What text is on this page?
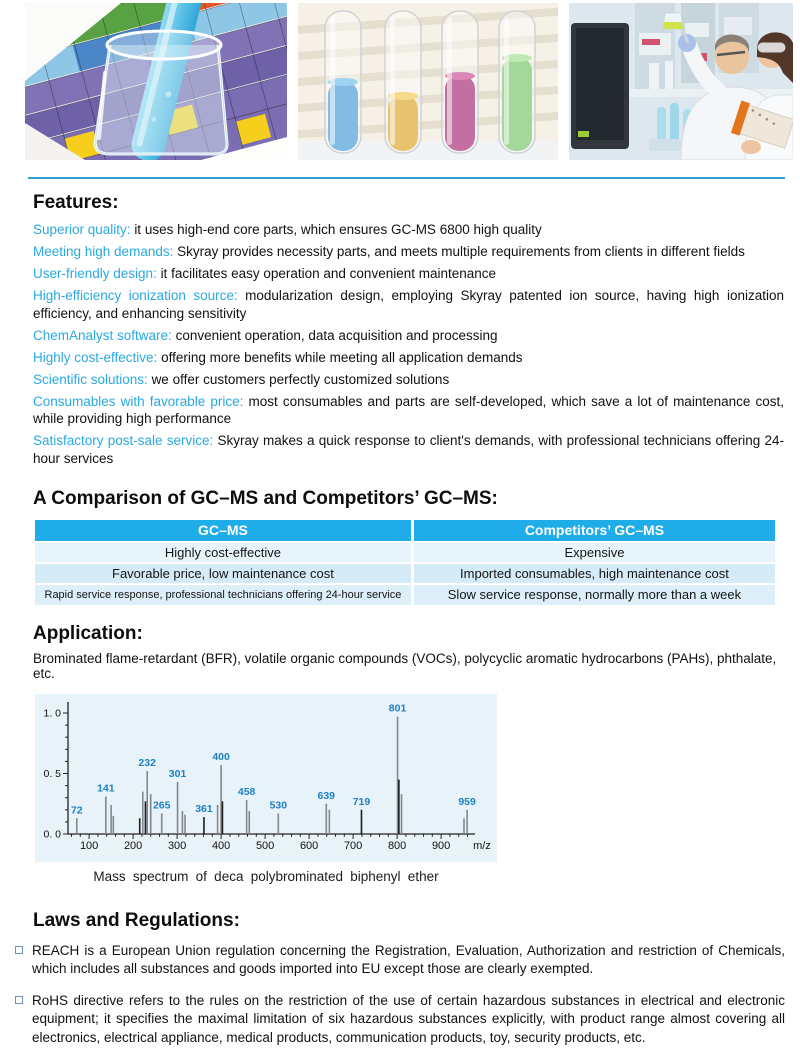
Features:
Superior quality: it uses high-end core parts, which ensures GC-MS 6800 high quality
Meeting high demands: Skyray provides necessity parts, and meets multiple requirements from clients in different fields
User-friendly design: it facilitates easy operation and convenient maintenance
High-efficiency ionization source: modularization design, employing Skyray patented ion source, having high ionization efficiency, and enhancing sensitivity
ChemAnalyst software: convenient operation, data acquisition and processing
Highly cost-effective: offering more benefits while meeting all application demands
Scientific solutions: we offer customers perfectly customized solutions
Consumables with favorable price: most consumables and parts are self-developed, which save a lot of maintenance cost, while providing high performance
Satisfactory post-sale service: Skyray makes a quick response to client's demands, with professional technicians offering 24-hour services
A Comparison of GC–MS and Competitors’ GC–MS:
GC–MS	Competitors’ GC–MS
Highly cost-effective	Expensive
Favorable price, low maintenance cost	Imported consumables, high maintenance cost
Rapid service response, professional technicians offering 24-hour service	Slow service response, normally more than a week
Application:
Brominated flame-retardant (BFR), volatile organic compounds (VOCs), polycyclic aromatic hydrocarbons (PAHs), phthalate, etc.
0. 0
0. 5
1. 0
100 200 300 400 500 600 700 800 900 m/z
72
141
232
265
301
361
400
458
530
639
719
801
959
Mass spectrum of deca polybrominated biphenyl ether
Laws and Regulations:
REACH is a European Union regulation concerning the Registration, Evaluation, Authorization and restriction of Chemicals, which includes all substances and goods imported into EU except those are clearly exempted.
RoHS directive refers to the rules on the restriction of the use of certain hazardous substances in electrical and electronic equipment; it specifies the maximal limitation of six hazardous substances explicitly, with product range almost covering all electronics, electrical appliance, medical products, communication products, toy, security products, etc.
